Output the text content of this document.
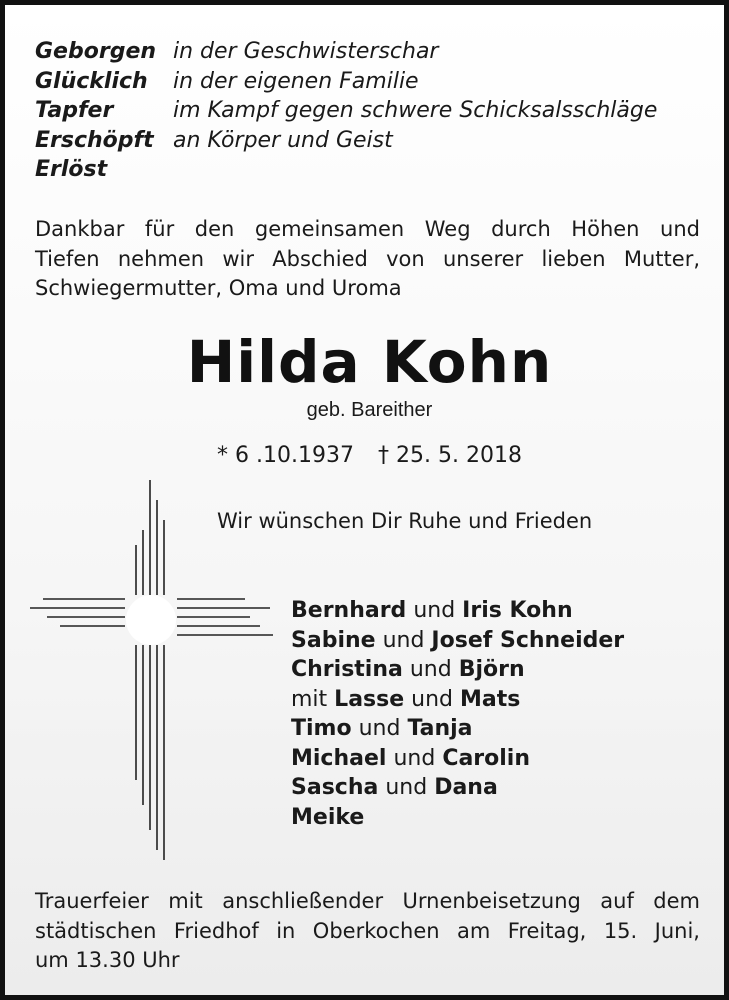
Geborgen in der Geschwisterschar
Glücklich	in der eigenen Familie
Tapfer	im Kampf gegen schwere Schicksalsschläge
Erschöpft an Körper und Geist
Erlöst
Dankbar für den gemeinsamen Weg durch Höhen und
Tiefen nehmen wir Abschied von unserer lieben Mutter,
Schwiegermutter, Oma und Uroma
Hilda Kohn
geb. Bareither
* 6 .10.1937 † 25. 5. 2018
Wir wünschen Dir Ruhe und Frieden
Bernhard und Iris Kohn
Sabine und Josef Schneider
Christina und Björn
mit Lasse und Mats
Timo und Tanja
Michael und Carolin
Sascha und Dana
Meike
Trauerfeier mit anschließender Urnenbeisetzung auf dem
städtischen Friedhof in Oberkochen am Freitag, 15. Juni,
um 13.30 Uhr
